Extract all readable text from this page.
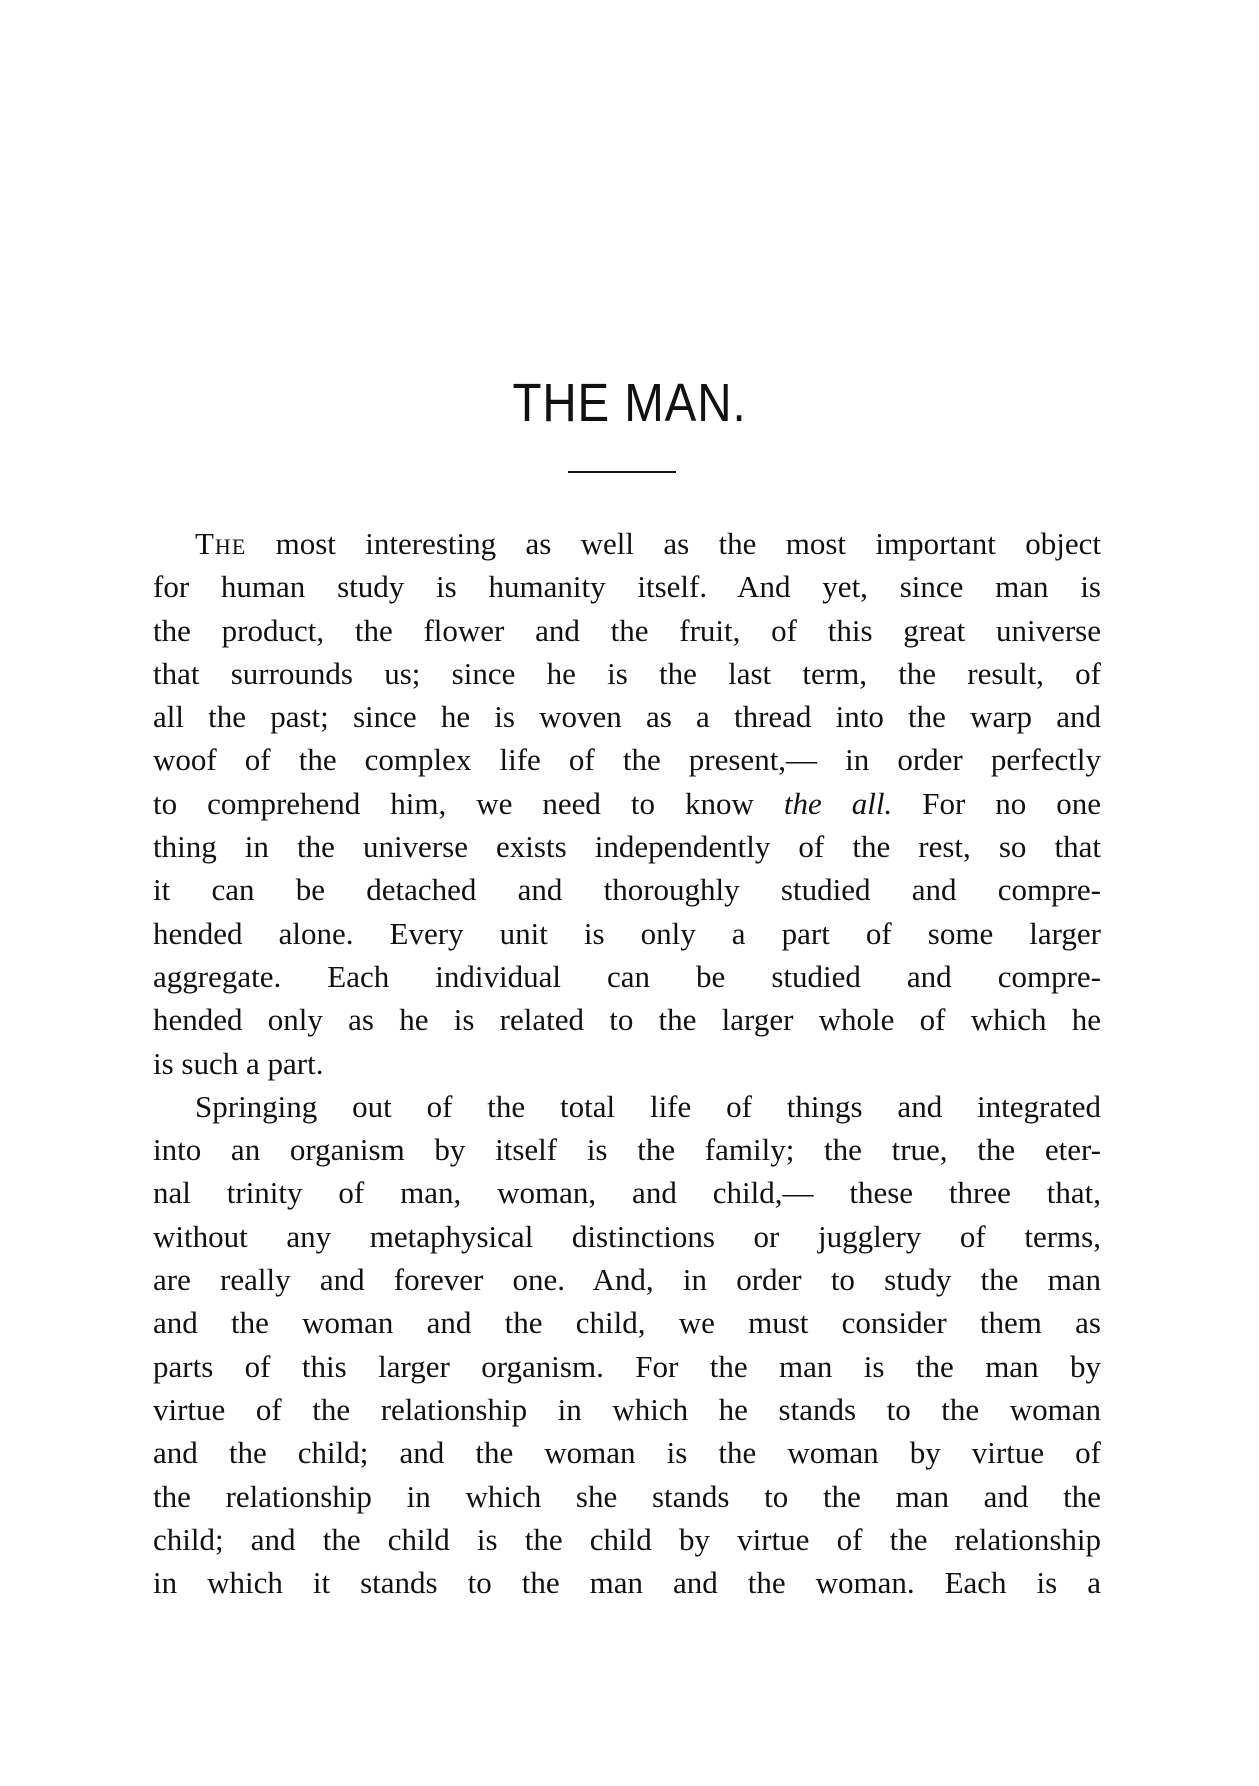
THE MAN.
The most interesting as well as the most important object
for human study is humanity itself. And yet, since man is
the product, the flower and the fruit, of this great universe
that surrounds us; since he is the last term, the result, of
all the past; since he is woven as a thread into the warp and
woof of the complex life of the present,— in order perfectly
to comprehend him, we need to know the all. For no one
thing in the universe exists independently of the rest, so that
it can be detached and thoroughly studied and compre-
hended alone. Every unit is only a part of some larger
aggregate. Each individual can be studied and compre-
hended only as he is related to the larger whole of which he
is such a part.
Springing out of the total life of things and integrated
into an organism by itself is the family; the true, the eter-
nal trinity of man, woman, and child,— these three that,
without any metaphysical distinctions or jugglery of terms,
are really and forever one. And, in order to study the man
and the woman and the child, we must consider them as
parts of this larger organism. For the man is the man by
virtue of the relationship in which he stands to the woman
and the child; and the woman is the woman by virtue of
the relationship in which she stands to the man and the
child; and the child is the child by virtue of the relationship
in which it stands to the man and the woman. Each is a
